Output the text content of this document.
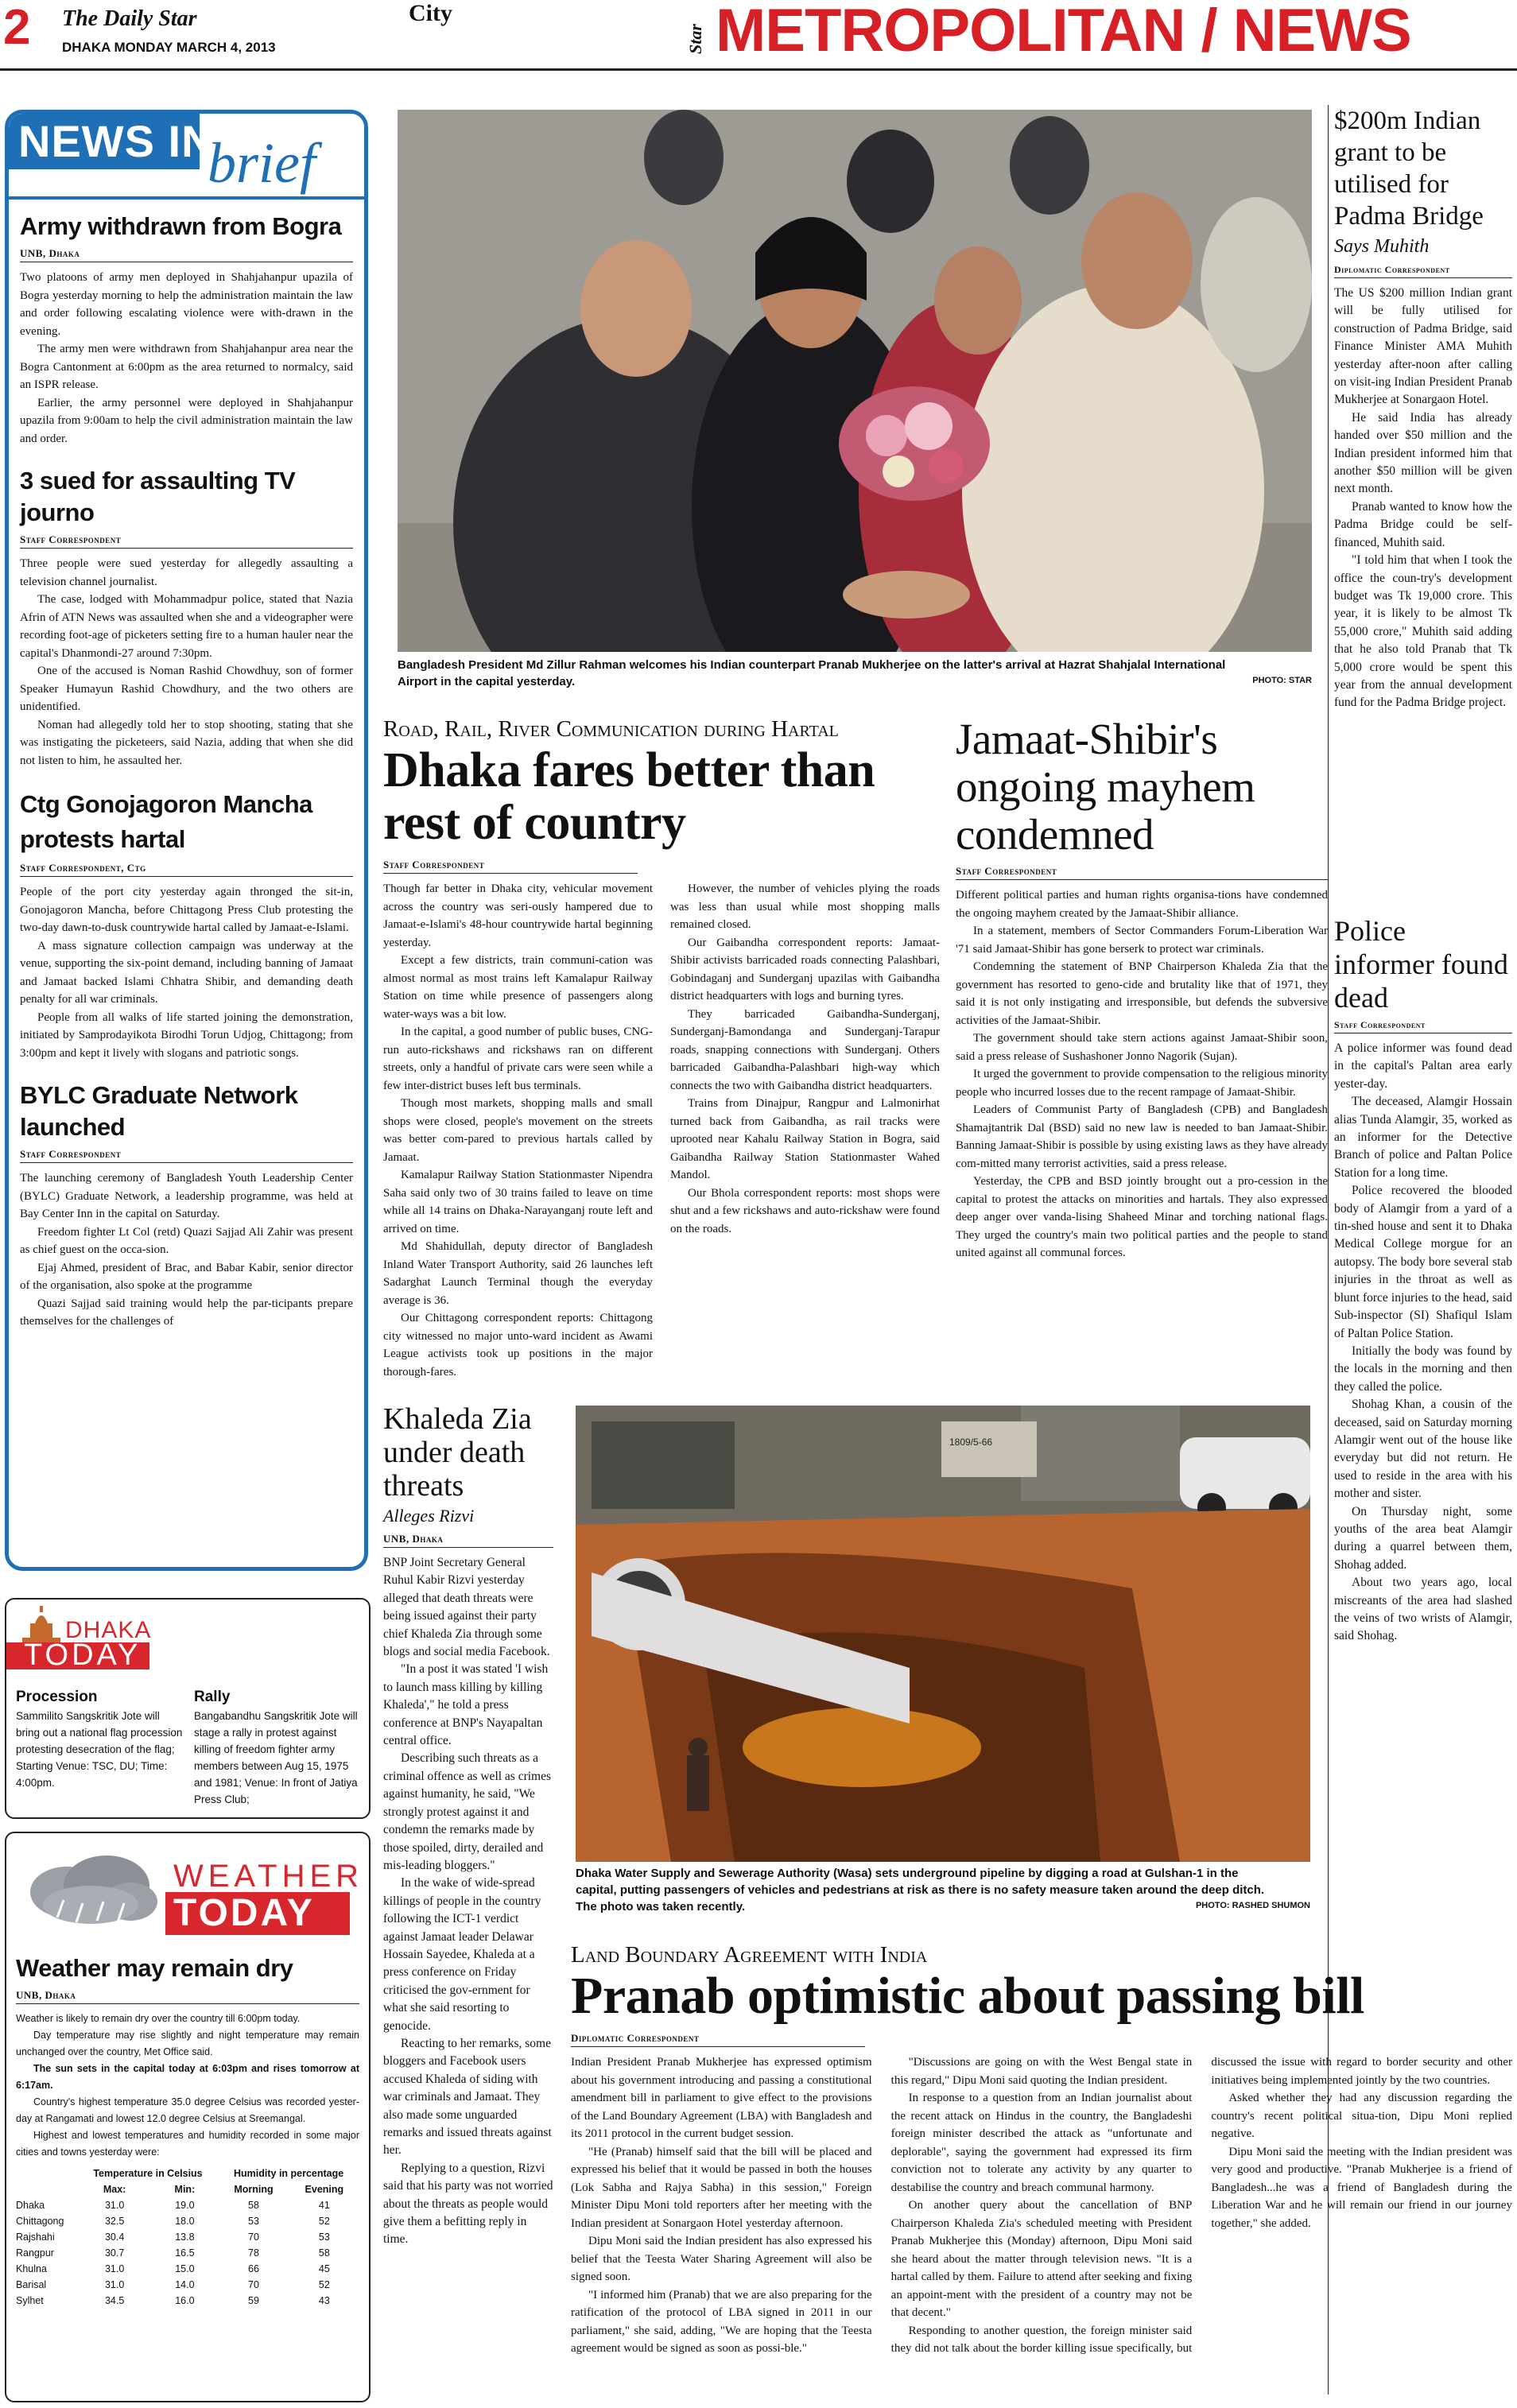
2 The Daily Star
DHAKA MONDAY MARCH 4, 2013
City
Star METROPOLITAN / NEWS
NEWS IN
brief
Army withdrawn from Bogra
UNB, Dhaka

Two platoons of army men deployed in Shahjahanpur upazila of Bogra yesterday morning to help the administration maintain the law and order following escalating violence were with-drawn in the evening.

The army men were withdrawn from Shahjahanpur area near the Bogra Cantonment at 6:00pm as the area returned to normalcy, said an ISPR release.

Earlier, the army personnel were deployed in Shahjahanpur upazila from 9:00am to help the civil administration maintain the law and order.

3 sued for assaulting TV journo
Staff Correspondent

Three people were sued yesterday for allegedly assaulting a television channel journalist.

The case, lodged with Mohammadpur police, stated that Nazia Afrin of ATN News was assaulted when she and a videographer were recording foot-age of picketers setting fire to a human hauler near the capital's Dhanmondi-27 around 7:30pm.

One of the accused is Noman Rashid Chowdhuy, son of former Speaker Humayun Rashid Chowdhury, and the two others are unidentified.

Noman had allegedly told her to stop shooting, stating that she was instigating the picketeers, said Nazia, adding that when she did not listen to him, he assaulted her.

Ctg Gonojagoron Mancha protests hartal
Staff Correspondent, Ctg

People of the port city yesterday again thronged the sit-in, Gonojagoron Mancha, before Chittagong Press Club protesting the two-day dawn-to-dusk countrywide hartal called by Jamaat-e-Islami.

A mass signature collection campaign was underway at the venue, supporting the six-point demand, including banning of Jamaat and Jamaat backed Islami Chhatra Shibir, and demanding death penalty for all war criminals.

People from all walks of life started joining the demonstration, initiated by Samprodayikota Birodhi Torun Udjog, Chittagong; from 3:00pm and kept it lively with slogans and patriotic songs.

BYLC Graduate Network launched
Staff Correspondent

The launching ceremony of Bangladesh Youth Leadership Center (BYLC) Graduate Network, a leadership programme, was held at Bay Center Inn in the capital on Saturday.

Freedom fighter Lt Col (retd) Quazi Sajjad Ali Zahir was present as chief guest on the occa-sion.

Ejaj Ahmed, president of Brac, and Babar Kabir, senior director of the organisation, also spoke at the programme

Quazi Sajjad said training would help the par-ticipants prepare themselves for the challenges of

DHAKA
TODAY
Procession
Sammilito Sangskritik Jote will bring out a national flag procession protesting desecration of the flag; Starting Venue: TSC, DU; Time: 4:00pm.
Rally
Bangabandhu Sangskritik Jote will stage a rally in protest against killing of freedom fighter army members between Aug 15, 1975 and 1981; Venue: In front of Jatiya Press Club;
WEATHER
TODAY
Weather may remain dry
UNB, Dhaka

Weather is likely to remain dry over the country till 6:00pm today.

Day temperature may rise slightly and night temperature may remain unchanged over the country, Met Office said.

The sun sets in the capital today at 6:03pm and rises tomorrow at 6:17am.

Country's highest temperature 35.0 degree Celsius was recorded yester-day at Rangamati and lowest 12.0 degree Celsius at Sreemangal.

Highest and lowest temperatures and humidity recorded in some major cities and towns yesterday were:

	Temperature in Celsius		Humidity in percentage	
	Max:	Min:	Morning	Evening
Dhaka	31.0	19.0	58	41
Chittagong	32.5	18.0	53	52
Rajshahi	30.4	13.8	70	53
Rangpur	30.7	16.5	78	58
Khulna	31.0	15.0	66	45
Barisal	31.0	14.0	70	52
Sylhet	34.5	16.0	59	43
Bangladesh President Md Zillur Rahman welcomes his Indian counterpart Pranab Mukherjee on the latter's arrival at Hazrat Shahjalal International Airport in the capital yesterday.	PHOTO: STAR
Road, Rail, River Communication during Hartal
Dhaka fares better than rest of country
Staff Correspondent

Though far better in Dhaka city, vehicular movement across the country was seri-ously hampered due to Jamaat-e-Islami's 48-hour countrywide hartal beginning yesterday.

Except a few districts, train communi-cation was almost normal as most trains left Kamalapur Railway Station on time while presence of passengers along water-ways was a bit low.

In the capital, a good number of public buses, CNG-run auto-rickshaws and rickshaws ran on different streets, only a handful of private cars were seen while a few inter-district buses left bus terminals.

Though most markets, shopping malls and small shops were closed, people's movement on the streets was better com-pared to previous hartals called by Jamaat.

Kamalapur Railway Station Stationmaster Nipendra Saha said only two of 30 trains failed to leave on time while all 14 trains on Dhaka-Narayanganj route left and arrived on time.

Md Shahidullah, deputy director of Bangladesh Inland Water Transport Authority, said 26 launches left Sadarghat Launch Terminal though the everyday average is 36.

Our Chittagong correspondent reports: Chittagong city witnessed no major unto-ward incident as Awami League activists took up positions in the major thorough-fares.

However, the number of vehicles plying the roads was less than usual while most shopping malls remained closed.

Our Gaibandha correspondent reports: Jamaat-Shibir activists barricaded roads connecting Palashbari, Gobindaganj and Sunderganj upazilas with Gaibandha district headquarters with logs and burning tyres.

They barricaded Gaibandha-Sunderganj, Sunderganj-Bamondanga and Sunderganj-Tarapur roads, snapping connections with Sunderganj. Others barricaded Gaibandha-Palashbari high-way which connects the two with Gaibandha district headquarters.

Trains from Dinajpur, Rangpur and Lalmonirhat turned back from Gaibandha, as rail tracks were uprooted near Kahalu Railway Station in Bogra, said Gaibandha Railway Station Stationmaster Wahed Mandol.

Our Bhola correspondent reports: most shops were shut and a few rickshaws and auto-rickshaw were found on the roads.

Jamaat-Shibir's ongoing mayhem condemned
Staff Correspondent

Different political parties and human rights organisa-tions have condemned the ongoing mayhem created by the Jamaat-Shibir alliance.

In a statement, members of Sector Commanders Forum-Liberation War '71 said Jamaat-Shibir has gone berserk to protect war criminals.

Condemning the statement of BNP Chairperson Khaleda Zia that the government has resorted to geno-cide and brutality like that of 1971, they said it is not only instigating and irresponsible, but defends the subversive activities of the Jamaat-Shibir.

The government should take stern actions against Jamaat-Shibir soon, said a press release of Sushashoner Jonno Nagorik (Sujan).

It urged the government to provide compensation to the religious minority people who incurred losses due to the recent rampage of Jamaat-Shibir.

Leaders of Communist Party of Bangladesh (CPB) and Bangladesh Shamajtantrik Dal (BSD) said no new law is needed to ban Jamaat-Shibir. Banning Jamaat-Shibir is possible by using existing laws as they have already com-mitted many terrorist activities, said a press release.

Yesterday, the CPB and BSD jointly brought out a pro-cession in the capital to protest the attacks on minorities and hartals. They also expressed deep anger over vanda-lising Shaheed Minar and torching national flags. They urged the country's main two political parties and the people to stand united against all communal forces.

$200m Indian grant to be utilised for Padma Bridge
Says Muhith
Diplomatic Correspondent

The US $200 million Indian grant will be fully utilised for construction of Padma Bridge, said Finance Minister AMA Muhith yesterday after-noon after calling on visit-ing Indian President Pranab Mukherjee at Sonargaon Hotel.

He said India has already handed over $50 million and the Indian president informed him that another $50 million will be given next month.

Pranab wanted to know how the Padma Bridge could be self-financed, Muhith said.

"I told him that when I took the office the coun-try's development budget was Tk 19,000 crore. This year, it is likely to be almost Tk 55,000 crore," Muhith said adding that he also told Pranab that Tk 5,000 crore would be spent this year from the annual development fund for the Padma Bridge project.

Police informer found dead
Staff Correspondent

A police informer was found dead in the capital's Paltan area early yester-day.

The deceased, Alamgir Hossain alias Tunda Alamgir, 35, worked as an informer for the Detective Branch of police and Paltan Police Station for a long time.

Police recovered the blooded body of Alamgir from a yard of a tin-shed house and sent it to Dhaka Medical College morgue for an autopsy. The body bore several stab injuries in the throat as well as blunt force injuries to the head, said Sub-inspector (SI) Shafiqul Islam of Paltan Police Station.

Initially the body was found by the locals in the morning and then they called the police.

Shohag Khan, a cousin of the deceased, said on Saturday morning Alamgir went out of the house like everyday but did not return. He used to reside in the area with his mother and sister.

On Thursday night, some youths of the area beat Alamgir during a quarrel between them, Shohag added.

About two years ago, local miscreants of the area had slashed the veins of two wrists of Alamgir, said Shohag.

Khaleda Zia under death threats
Alleges Rizvi
UNB, Dhaka

BNP Joint Secretary General Ruhul Kabir Rizvi yesterday alleged that death threats were being issued against their party chief Khaleda Zia through some blogs and social media Facebook.

"In a post it was stated 'I wish to launch mass killing by killing Khaleda'," he told a press conference at BNP's Nayapaltan central office.

Describing such threats as a criminal offence as well as crimes against humanity, he said, "We strongly protest against it and condemn the remarks made by those spoiled, dirty, derailed and mis-leading bloggers."

In the wake of wide-spread killings of people in the country following the ICT-1 verdict against Jamaat leader Delawar Hossain Sayedee, Khaleda at a press conference on Friday criticised the gov-ernment for what she said resorting to genocide.

Reacting to her remarks, some bloggers and Facebook users accused Khaleda of siding with war criminals and Jamaat. They also made some unguarded remarks and issued threats against her.

Replying to a question, Rizvi said that his party was not worried about the threats as people would give them a befitting reply in time.

1809/5-66
Dhaka Water Supply and Sewerage Authority (Wasa) sets underground pipeline by digging a road at Gulshan-1 in the capital, putting passengers of vehicles and pedestrians at risk as there is no safety measure taken around the deep ditch. The photo was taken recently.	PHOTO: RASHED SHUMON
Land Boundary Agreement with India
Pranab optimistic about passing bill
Diplomatic Correspondent

Indian President Pranab Mukherjee has expressed optimism about his government introducing and passing a constitutional amendment bill in parliament to give effect to the provisions of the Land Boundary Agreement (LBA) with Bangladesh and its 2011 protocol in the current budget session.

"He (Pranab) himself said that the bill will be placed and expressed his belief that it would be passed in both the houses (Lok Sabha and Rajya Sabha) in this session," Foreign Minister Dipu Moni told reporters after her meeting with the Indian president at Sonargaon Hotel yesterday afternoon.

Dipu Moni said the Indian president has also expressed his belief that the Teesta Water Sharing Agreement will also be signed soon.

"I informed him (Pranab) that we are also preparing for the ratification of the protocol of LBA signed in 2011 in our parliament," she said, adding, "We are hoping that the Teesta agreement would be signed as soon as possi-ble."

"Discussions are going on with the West Bengal state in this regard," Dipu Moni said quoting the Indian president.

In response to a question from an Indian journalist about the recent attack on Hindus in the country, the Bangladeshi foreign minister described the attack as "unfortunate and deplorable", saying the government had expressed its firm conviction not to tolerate any activity by any quarter to destabilise the country and breach communal harmony.

On another query about the cancellation of BNP Chairperson Khaleda Zia's scheduled meeting with President Pranab Mukherjee this (Monday) afternoon, Dipu Moni said she heard about the matter through television news. "It is a hartal called by them. Failure to attend after seeking and fixing an appoint-ment with the president of a country may not be that decent."

Responding to another question, the foreign minister said they did not talk about the border killing issue specifically, but discussed the issue with regard to border security and other initiatives being implemented jointly by the two countries.

Asked whether they had any discussion regarding the country's recent political situa-tion, Dipu Moni replied negative.

Dipu Moni said the meeting with the Indian president was very good and productive. "Pranab Mukherjee is a friend of Bangladesh...he was a friend of Bangladesh during the Liberation War and he will remain our friend in our journey together," she added.
